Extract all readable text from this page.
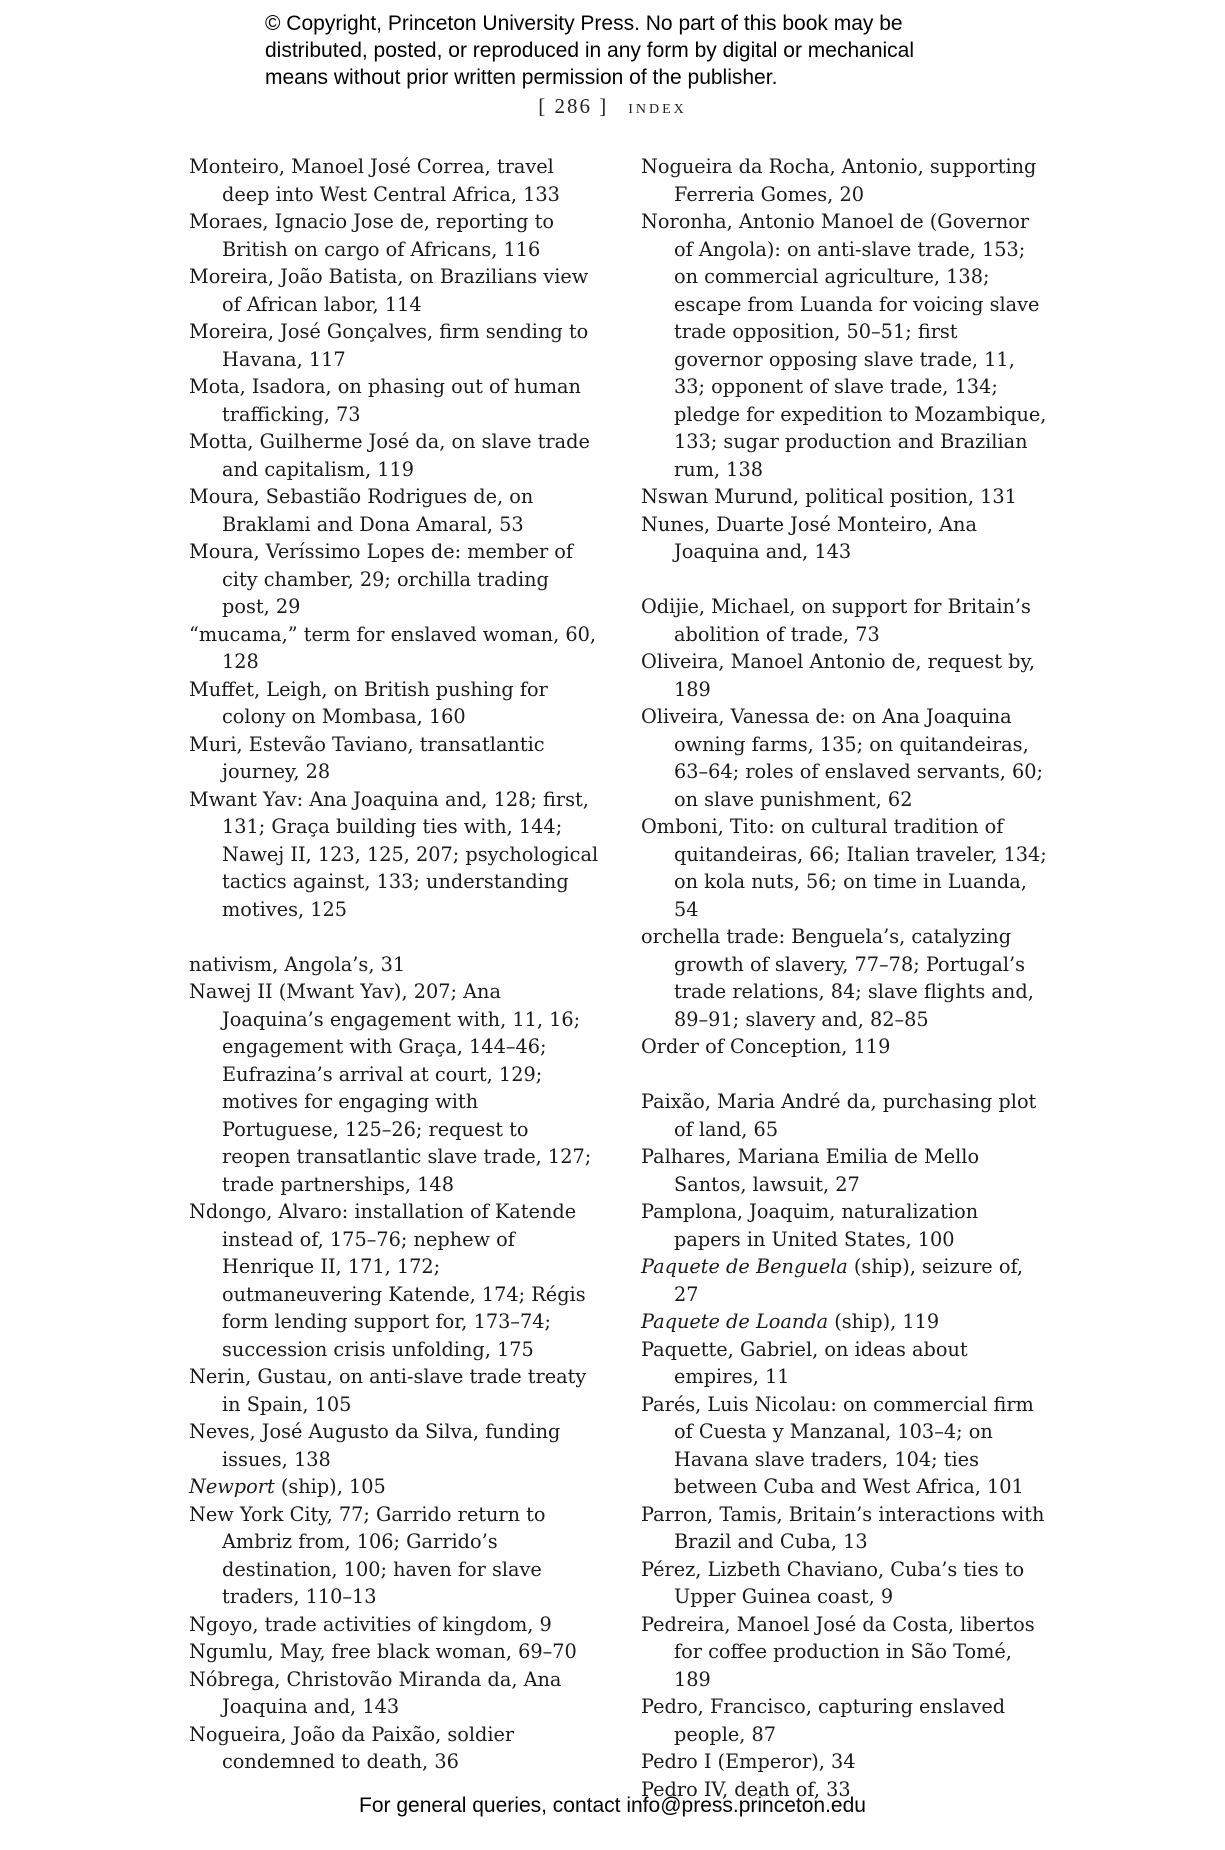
© Copyright, Princeton University Press. No part of this book may be

distributed, posted, or reproduced in any form by digital or mechanical

means without prior written permission of the publisher.

[ 286 ] index

Monteiro, Manoel José Correa, travel deep into West Central Africa, 133

Moraes, Ignacio Jose de, reporting to British on cargo of Africans, 116

Moreira, João Batista, on Brazilians view of African labor, 114

Moreira, José Gonçalves, firm sending to Havana, 117

Mota, Isadora, on phasing out of human trafficking, 73

Motta, Guilherme José da, on slave trade and capitalism, 119

Moura, Sebastião Rodrigues de, on Braklami and Dona Amaral, 53

Moura, Veríssimo Lopes de: member of city chamber, 29; orchilla trading post, 29

“mucama,” term for enslaved woman, 60, 128

Muffet, Leigh, on British pushing for colony on Mombasa, 160

Muri, Estevão Taviano, transatlantic journey, 28

Mwant Yav: Ana Joaquina and, 128; first, 131; Graça building ties with, 144; Nawej II, 123, 125, 207; psychological tactics against, 133; understanding motives, 125

nativism, Angola’s, 31

Nawej II (Mwant Yav), 207; Ana Joaquina’s engagement with, 11, 16; engagement with Graça, 144–46; Eufrazina’s arrival at court, 129; motives for engaging with Portuguese, 125–26; request to reopen transatlantic slave trade, 127; trade partnerships, 148

Ndongo, Alvaro: installation of Katende instead of, 175–76; nephew of Henrique II, 171, 172; outmaneuvering Katende, 174; Régis form lending support for, 173–74; succession crisis unfolding, 175

Nerin, Gustau, on anti-slave trade treaty in Spain, 105

Neves, José Augusto da Silva, funding issues, 138

Newport (ship), 105

New York City, 77; Garrido return to Ambriz from, 106; Garrido’s destination, 100; haven for slave traders, 110–13

Ngoyo, trade activities of kingdom, 9

Ngumlu, May, free black woman, 69–70

Nóbrega, Christovão Miranda da, Ana Joaquina and, 143

Nogueira, João da Paixão, soldier condemned to death, 36

Nogueira da Rocha, Antonio, supporting Ferreria Gomes, 20

Noronha, Antonio Manoel de (Governor of Angola): on anti-slave trade, 153; on commercial agriculture, 138; escape from Luanda for voicing slave trade opposition, 50–51; first governor opposing slave trade, 11, 33; opponent of slave trade, 134; pledge for expedition to Mozambique, 133; sugar production and Brazilian rum, 138

Nswan Murund, political position, 131

Nunes, Duarte José Monteiro, Ana Joaquina and, 143

Odijie, Michael, on support for Britain’s abolition of trade, 73

Oliveira, Manoel Antonio de, request by, 189

Oliveira, Vanessa de: on Ana Joaquina owning farms, 135; on quitandeiras, 63–64; roles of enslaved servants, 60; on slave punishment, 62

Omboni, Tito: on cultural tradition of quitandeiras, 66; Italian traveler, 134; on kola nuts, 56; on time in Luanda, 54

orchella trade: Benguela’s, catalyzing growth of slavery, 77–78; Portugal’s trade relations, 84; slave flights and, 89–91; slavery and, 82–85

Order of Conception, 119

Paixão, Maria André da, purchasing plot of land, 65

Palhares, Mariana Emilia de Mello Santos, lawsuit, 27

Pamplona, Joaquim, naturalization papers in United States, 100

Paquete de Benguela (ship), seizure of, 27

Paquete de Loanda (ship), 119

Paquette, Gabriel, on ideas about empires, 11

Parés, Luis Nicolau: on commercial firm of Cuesta y Manzanal, 103–4; on Havana slave traders, 104; ties between Cuba and West Africa, 101

Parron, Tamis, Britain’s interactions with Brazil and Cuba, 13

Pérez, Lizbeth Chaviano, Cuba’s ties to Upper Guinea coast, 9

Pedreira, Manoel José da Costa, libertos for coffee production in São Tomé, 189

Pedro, Francisco, capturing enslaved people, 87

Pedro I (Emperor), 34

Pedro IV, death of, 33

For general queries, contact info@press.princeton.edu
